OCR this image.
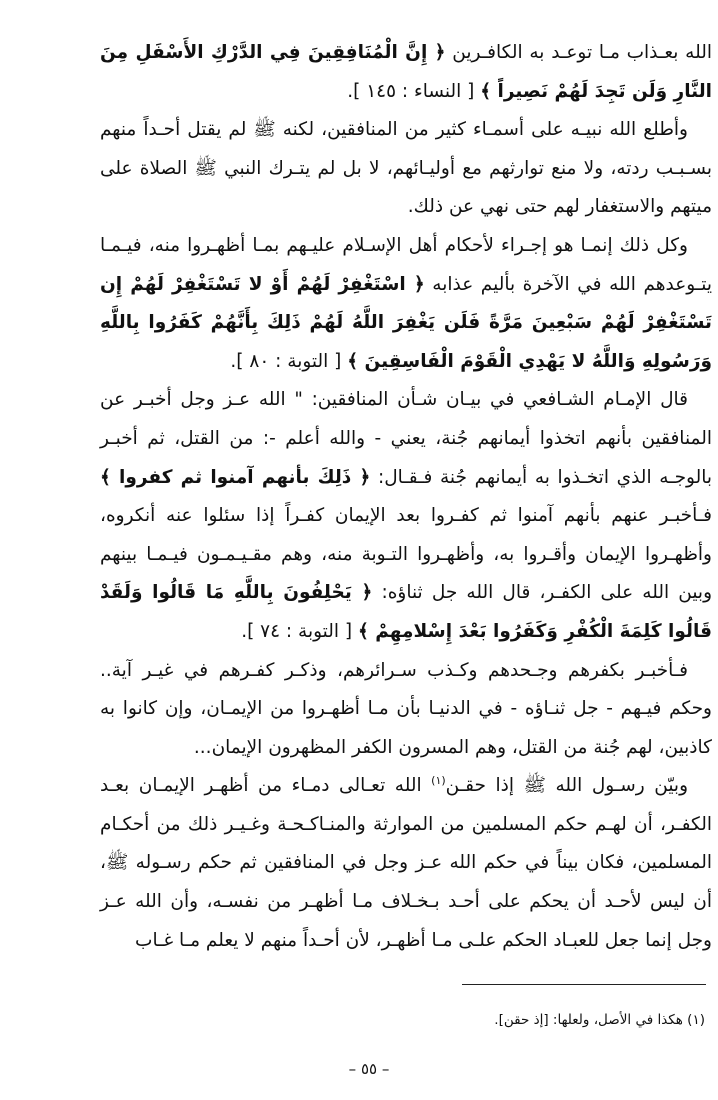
الله بعـذاب مـا توعـد به الكافـرين ﴿ إِنَّ الْمُنَافِقِينَ فِي الدَّرْكِ الأَسْفَلِ مِنَ النَّارِ وَلَن تَجِدَ لَهُمْ نَصِيراً ﴾ [ النساء : ١٤٥ ].

وأطلع الله نبيـه على أسمـاء كثير من المنافقين، لكنه ﷺ لم يقتل أحـداً منهم بسـبـب ردته، ولا منع توارثهم مع أوليـائهم، لا بل لم يتـرك النبي ﷺ الصلاة على ميتهم والاستغفار لهم حتى نهي عن ذلك.

وكل ذلك إنمـا هو إجـراء لأحكام أهل الإسـلام عليـهم بمـا أظهـروا منه، فيـمـا يتـوعدهم الله في الآخرة بأليم عذابه ﴿ اسْتَغْفِرْ لَهُمْ أَوْ لا تَسْتَغْفِرْ لَهُمْ إِن تَسْتَغْفِرْ لَهُمْ سَبْعِينَ مَرَّةً فَلَن يَغْفِرَ اللَّهُ لَهُمْ ذَلِكَ بِأَنَّهُمْ كَفَرُوا بِاللَّهِ وَرَسُولِهِ وَاللَّهُ لا يَهْدِي الْقَوْمَ الْفَاسِقِينَ ﴾ [ التوبة : ٨٠ ].

قال الإمـام الشـافعي في بيـان شـأن المنافقين: " الله عـز وجل أخبـر عن المنافقين بأنهم اتخذوا أيمانهم جُنة، يعني - والله أعلم -: من القتل، ثم أخبـر بالوجـه الذي اتخـذوا به أيمانهم جُنة فـقـال: ﴿ ذَلِكَ بأنهم آمنوا ثم كفروا ﴾ فـأخبـر عنهم بأنهم آمنوا ثم كفـروا بعد الإيمان كفـراً إذا سئلوا عنه أنكروه، وأظهـروا الإيمان وأقـروا به، وأظهـروا التـوبة منه، وهم مقـيـمـون فيـمـا بينهم وبين الله على الكفـر، قال الله جل ثناؤه: ﴿ يَحْلِفُونَ بِاللَّهِ مَا قَالُوا وَلَقَدْ قَالُوا كَلِمَةَ الْكُفْرِ وَكَفَرُوا بَعْدَ إِسْلامِهِمْ ﴾ [ التوبة : ٧٤ ].

فـأخبـر بكفرهم وجـحدهم وكـذب سـرائرهم، وذكـر كفـرهم في غيـر آية.. وحكم فيـهم - جل ثنـاؤه - في الدنيـا بأن مـا أظهـروا من الإيمـان، وإن كانوا به كاذبين، لهم جُنة من القتل، وهم المسرون الكفر المظهرون الإيمان...

وبيّن رسـول الله ﷺ إذا حقـن$^{(١)}$ الله تعـالى دمـاء من أظهـر الإيمـان بعـد الكفـر، أن لهـم حكم المسلمين من الموارثة والمنـاكـحـة وغـيـر ذلك من أحكـام المسلمين، فكان بيناً في حكم الله عـز وجل في المنافقين ثم حكم رسـوله ﷺ، أن ليس لأحـد أن يحكم على أحـد بـخـلاف مـا أظهـر من نفسـه، وأن الله عـز وجل إنما جعل للعبـاد الحكم علـى مـا أظهـر، لأن أحـداً منهم لا يعلم مـا غـاب

(١) هكذا في الأصل، ولعلها: [إذ حقن].
– ٥٥ –
